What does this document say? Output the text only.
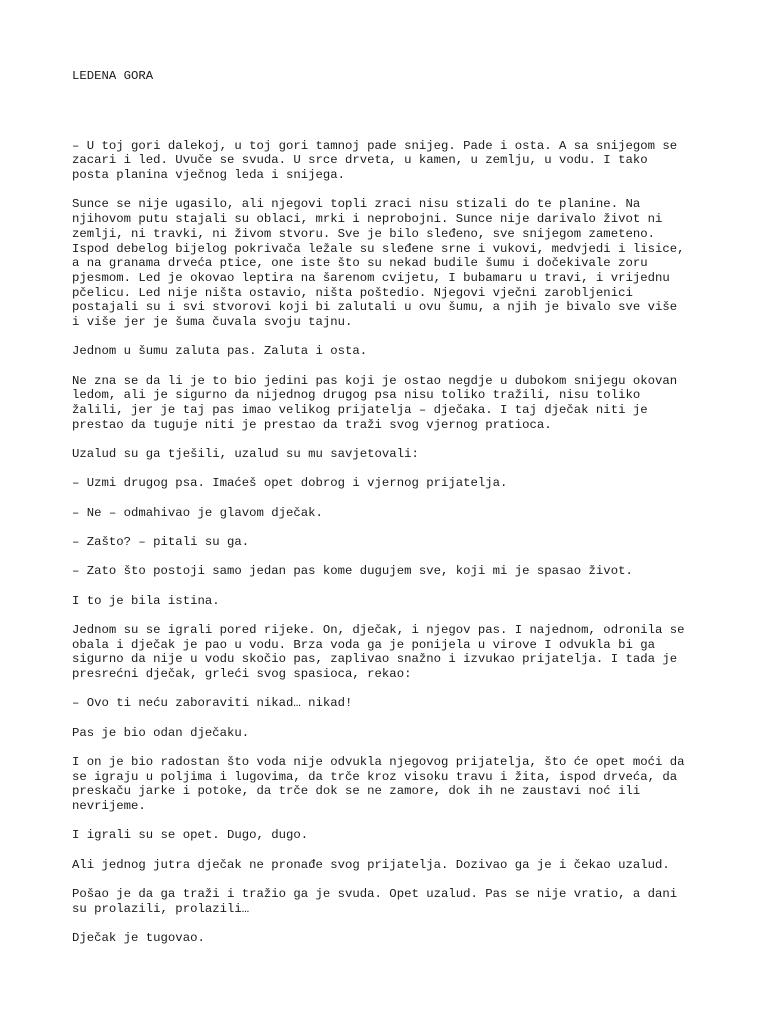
LEDENA GORA

– U toj gori dalekoj, u toj gori tamnoj pade snijeg. Pade i osta. A sa snijegom se
zacari i led. Uvuče se svuda. U srce drveta, u kamen, u zemlju, u vodu. I tako
posta planina vječnog leda i snijega.

Sunce se nije ugasilo, ali njegovi topli zraci nisu stizali do te planine. Na
njihovom putu stajali su oblaci, mrki i neprobojni. Sunce nije darivalo život ni
zemlji, ni travki, ni živom stvoru. Sve je bilo sleđeno, sve snijegom zameteno.
Ispod debelog bijelog pokrivača ležale su sleđene srne i vukovi, medvjedi i lisice,
a na granama drveća ptice, one iste što su nekad budile šumu i dočekivale zoru
pjesmom. Led je okovao leptira na šarenom cvijetu, I bubamaru u travi, i vrijednu
pčelicu. Led nije ništa ostavio, ništa poštedio. Njegovi vječni zarobljenici
postajali su i svi stvorovi koji bi zalutali u ovu šumu, a njih je bivalo sve više
i više jer je šuma čuvala svoju tajnu.

Jednom u šumu zaluta pas. Zaluta i osta.

Ne zna se da li je to bio jedini pas koji je ostao negdje u dubokom snijegu okovan
ledom, ali je sigurno da nijednog drugog psa nisu toliko tražili, nisu toliko
žalili, jer je taj pas imao velikog prijatelja – dječaka. I taj dječak niti je
prestao da tuguje niti je prestao da traži svog vjernog pratioca.

Uzalud su ga tješili, uzalud su mu savjetovali:

– Uzmi drugog psa. Imaćeš opet dobrog i vjernog prijatelja.

– Ne – odmahivao je glavom dječak.

– Zašto? – pitali su ga.

– Zato što postoji samo jedan pas kome dugujem sve, koji mi je spasao život.

I to je bila istina.

Jednom su se igrali pored rijeke. On, dječak, i njegov pas. I najednom, odronila se
obala i dječak je pao u vodu. Brza voda ga je ponijela u virove I odvukla bi ga
sigurno da nije u vodu skočio pas, zaplivao snažno i izvukao prijatelja. I tada je
presrećni dječak, grleći svog spasioca, rekao:

– Ovo ti neću zaboraviti nikad… nikad!

Pas je bio odan dječaku.

I on je bio radostan što voda nije odvukla njegovog prijatelja, što će opet moći da
se igraju u poljima i lugovima, da trče kroz visoku travu i žita, ispod drveća, da
preskaču jarke i potoke, da trče dok se ne zamore, dok ih ne zaustavi noć ili
nevrijeme.

I igrali su se opet. Dugo, dugo.

Ali jednog jutra dječak ne pronađe svog prijatelja. Dozivao ga je i čekao uzalud.

Pošao je da ga traži i tražio ga je svuda. Opet uzalud. Pas se nije vratio, a dani
su prolazili, prolazili…

Dječak je tugovao.
